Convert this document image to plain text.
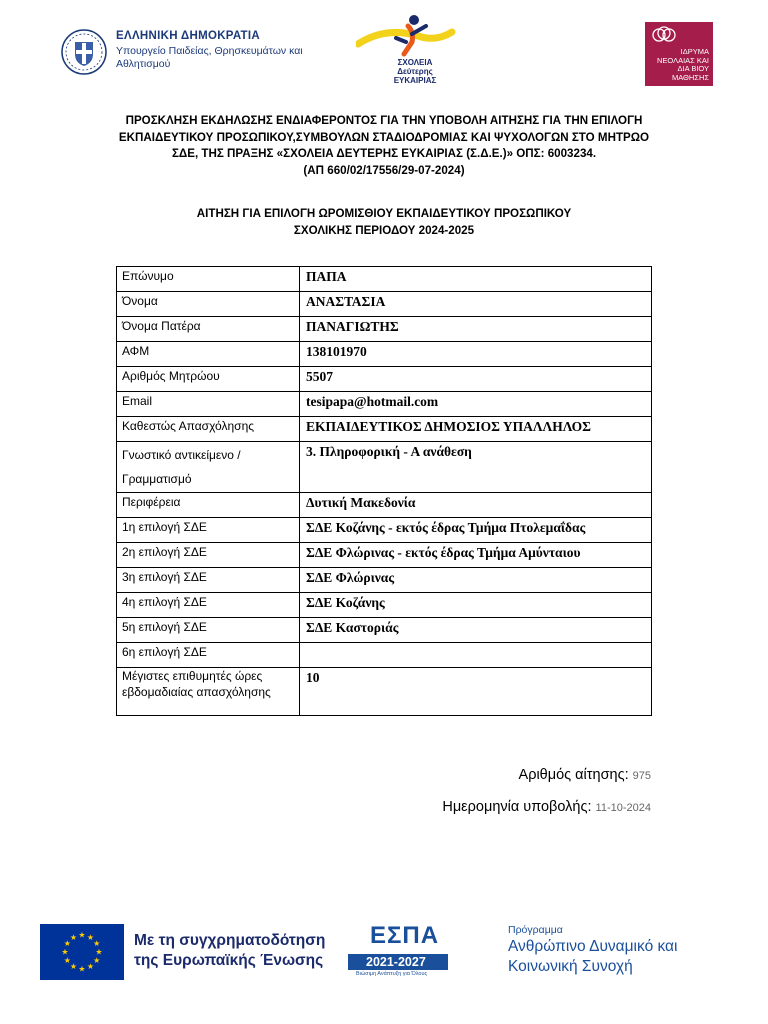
ΕΛΛΗΝΙΚΗ ΔΗΜΟΚΡΑΤΙΑ
Υπουργείο Παιδείας, Θρησκευμάτων και Αθλητισμού	ΣΧΟΛΕΙΑ Δεύτερης ΕΥΚΑΙΡΙΑΣ
ΙΔΡΥΜΑ ΝΕΟΛΑΙΑΣ ΚΑΙ ΔΙΑ ΒΙΟΥ ΜΑΘΗΣΗΣ
ΠΡΟΣΚΛΗΣΗ ΕΚΔΗΛΩΣΗΣ ΕΝΔΙΑΦΕΡΟΝΤΟΣ ΓΙΑ ΤΗΝ ΥΠΟΒΟΛΗ ΑΙΤΗΣΗΣ ΓΙΑ ΤΗΝ ΕΠΙΛΟΓΗ
ΕΚΠΑΙΔΕΥΤΙΚΟΥ ΠΡΟΣΩΠΙΚΟΥ,ΣΥΜΒΟΥΛΩΝ ΣΤΑΔΙΟΔΡΟΜΙΑΣ ΚΑΙ ΨΥΧΟΛΟΓΩΝ ΣΤΟ ΜΗΤΡΩΟ
ΣΔΕ, ΤΗΣ ΠΡΑΞΗΣ «ΣΧΟΛΕΙΑ ΔΕΥΤΕΡΗΣ ΕΥΚΑΙΡΙΑΣ (Σ.Δ.Ε.)» ΟΠΣ: 6003234.
(ΑΠ 660/02/17556/29-07-2024)
ΑΙΤΗΣΗ ΓΙΑ ΕΠΙΛΟΓΗ ΩΡΟΜΙΣΘΙΟΥ ΕΚΠΑΙΔΕΥΤΙΚΟΥ ΠΡΟΣΩΠΙΚΟΥ
ΣΧΟΛΙΚΗΣ ΠΕΡΙΟΔΟΥ 2024-2025
Επώνυμο	ΠΑΠΑ
Όνομα	ΑΝΑΣΤΑΣΙΑ
Όνομα Πατέρα	ΠΑΝΑΓΙΩΤΗΣ
ΑΦΜ	138101970
Αριθμός Μητρώου	5507
Email	tesipapa@hotmail.com
Καθεστώς Απασχόλησης	ΕΚΠΑΙΔΕΥΤΙΚΟΣ ΔΗΜΟΣΙΟΣ ΥΠΑΛΛΗΛΟΣ
Γνωστικό αντικείμενο / Γραμματισμό	3. Πληροφορική - Α ανάθεση
Περιφέρεια	Δυτική Μακεδονία
1η επιλογή ΣΔΕ	ΣΔΕ Κοζάνης - εκτός έδρας Τμήμα Πτολεμαΐδας
2η επιλογή ΣΔΕ	ΣΔΕ Φλώρινας - εκτός έδρας Τμήμα Αμύνταιου
3η επιλογή ΣΔΕ	ΣΔΕ Φλώρινας
4η επιλογή ΣΔΕ	ΣΔΕ Κοζάνης
5η επιλογή ΣΔΕ	ΣΔΕ Καστοριάς
6η επιλογή ΣΔΕ	
Μέγιστες επιθυμητές ώρες εβδομαδιαίας απασχόλησης	10
Αριθμός αίτησης: 975
Ημερομηνία υποβολής: 11-10-2024
★
★
★
★
★
★
★
★
★ ★ ★
★ Με τη συγχρηματοδότηση
της Ευρωπαϊκής Ένωσης
ΕΣΠΑ
2021-2027
Βιώσιμη Ανάπτυξη για Όλους
Πρόγραμμα
Ανθρώπινο Δυναμικό και
Κοινωνική Συνοχή
